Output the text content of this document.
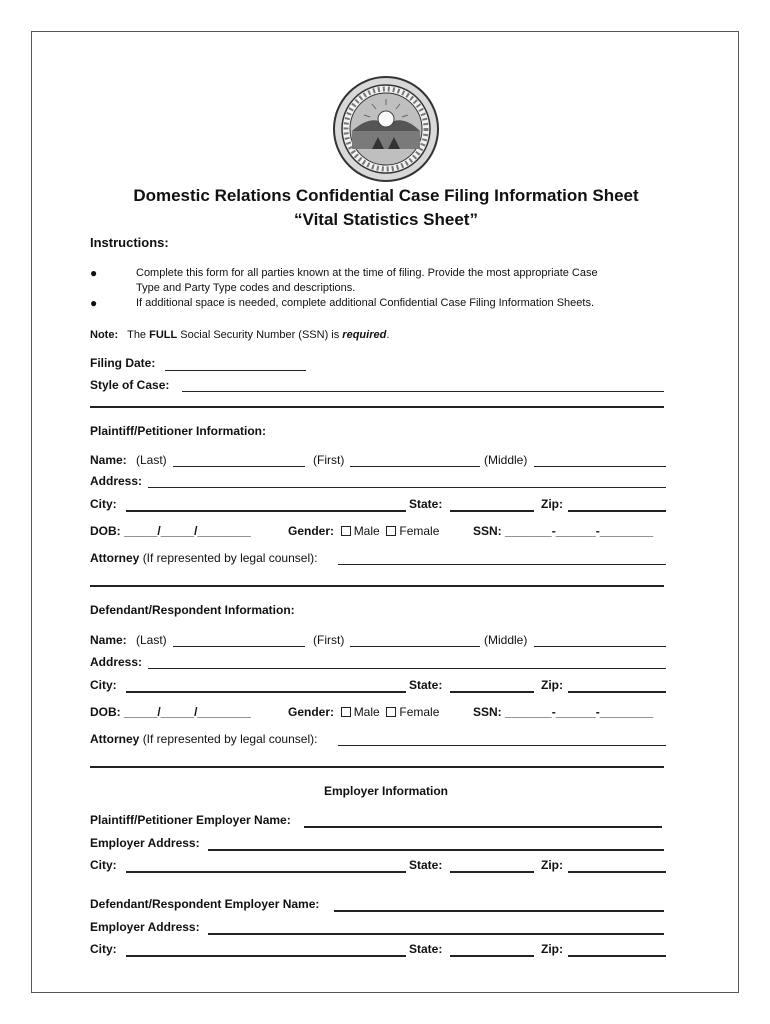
Domestic Relations Confidential Case Filing Information Sheet
“Vital Statistics Sheet”
Instructions:
●	Complete this form for all parties known at the time of filing. Provide the most appropriate Case
Type and Party Type codes and descriptions.
●	If additional space is needed, complete additional Confidential Case Filing Information Sheets.
Note: The FULL Social Security Number (SSN) is required.
Filing Date:
Style of Case:
Plaintiff/Petitioner Information:
Name: (Last)	(First)	(Middle)
Address:
City:	State:	Zip:
DOB: _____/_____/________	Gender: Male Female	SSN: _______-______-________
Attorney (If represented by legal counsel):
Defendant/Respondent Information:
Name: (Last)	(First)	(Middle)
Address:
City:	State:	Zip:
DOB: _____/_____/________	Gender: Male Female	SSN: _______-______-________
Attorney (If represented by legal counsel):
Employer Information
Plaintiff/Petitioner Employer Name:
Employer Address:
City:	State:	Zip:
Defendant/Respondent Employer Name:
Employer Address:
City:	State:	Zip:
